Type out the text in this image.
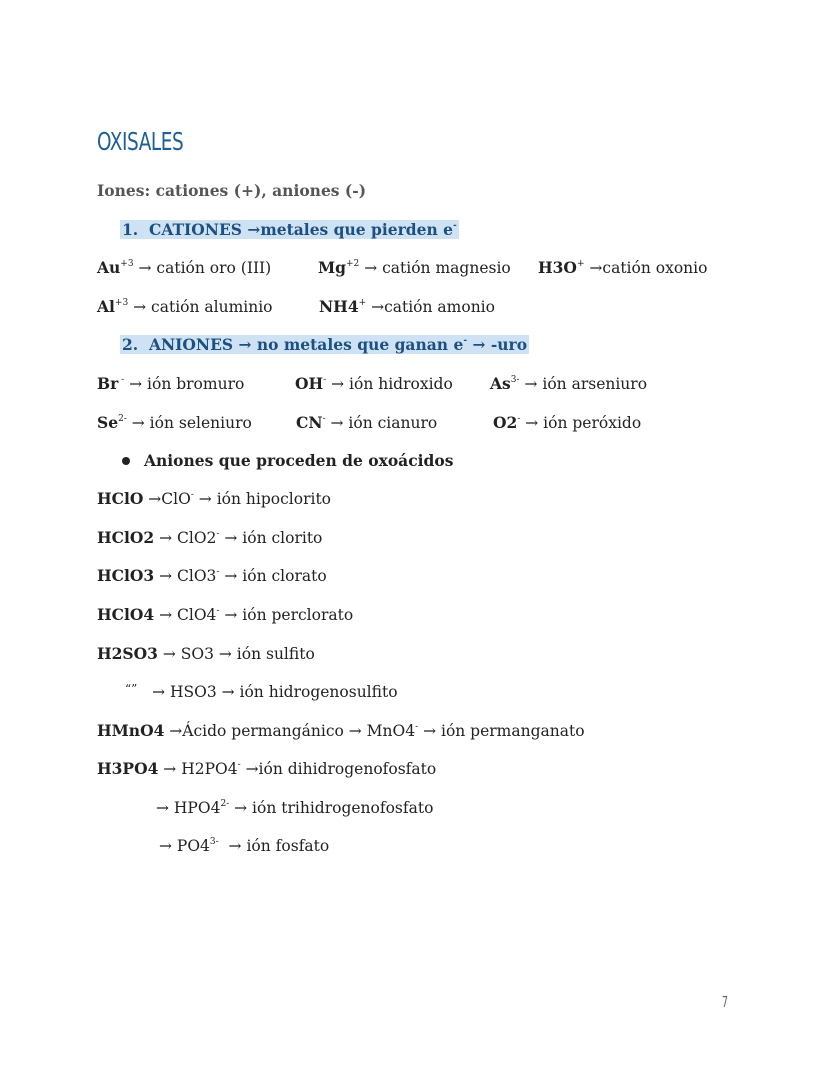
OXISALES
Iones: cationes (+), aniones (-)
1. CATIONES →metales que pierden e-
$Au^{+3}$ → catión oro (III)	$Mg^{+2}$ → catión magnesio H3O+ →catión oxonio
$Al^{+3}$ → catión aluminio	NH4+ →catión amonio
2. ANIONES → no metales que ganan e- → -uro
Br - → ión bromuro	OH- → ión hidroxido $As^{3-}$ → ión arseniuro
$Se^{2-}$ → ión seleniuro	CN- → ión cianuro	O2- → ión peróxido
Aniones que proceden de oxoácidos
HClO →ClO- → ión hipoclorito
HClO2 → ClO2- → ión clorito
HClO3 → ClO3- → ión clorato
HClO4 → ClO4- → ión perclorato
H2SO3 → SO3 → ión sulfito
“” → HSO3 → ión hidrogenosulfito
HMnO4 →Ácido permangánico → MnO4- → ión permanganato
H3PO4 → H2PO4- →ión dihidrogenofosfato
→ $HPO4^{2-}$ → ión trihidrogenofosfato
→ $PO4^{3-}$  → ión fosfato
7
